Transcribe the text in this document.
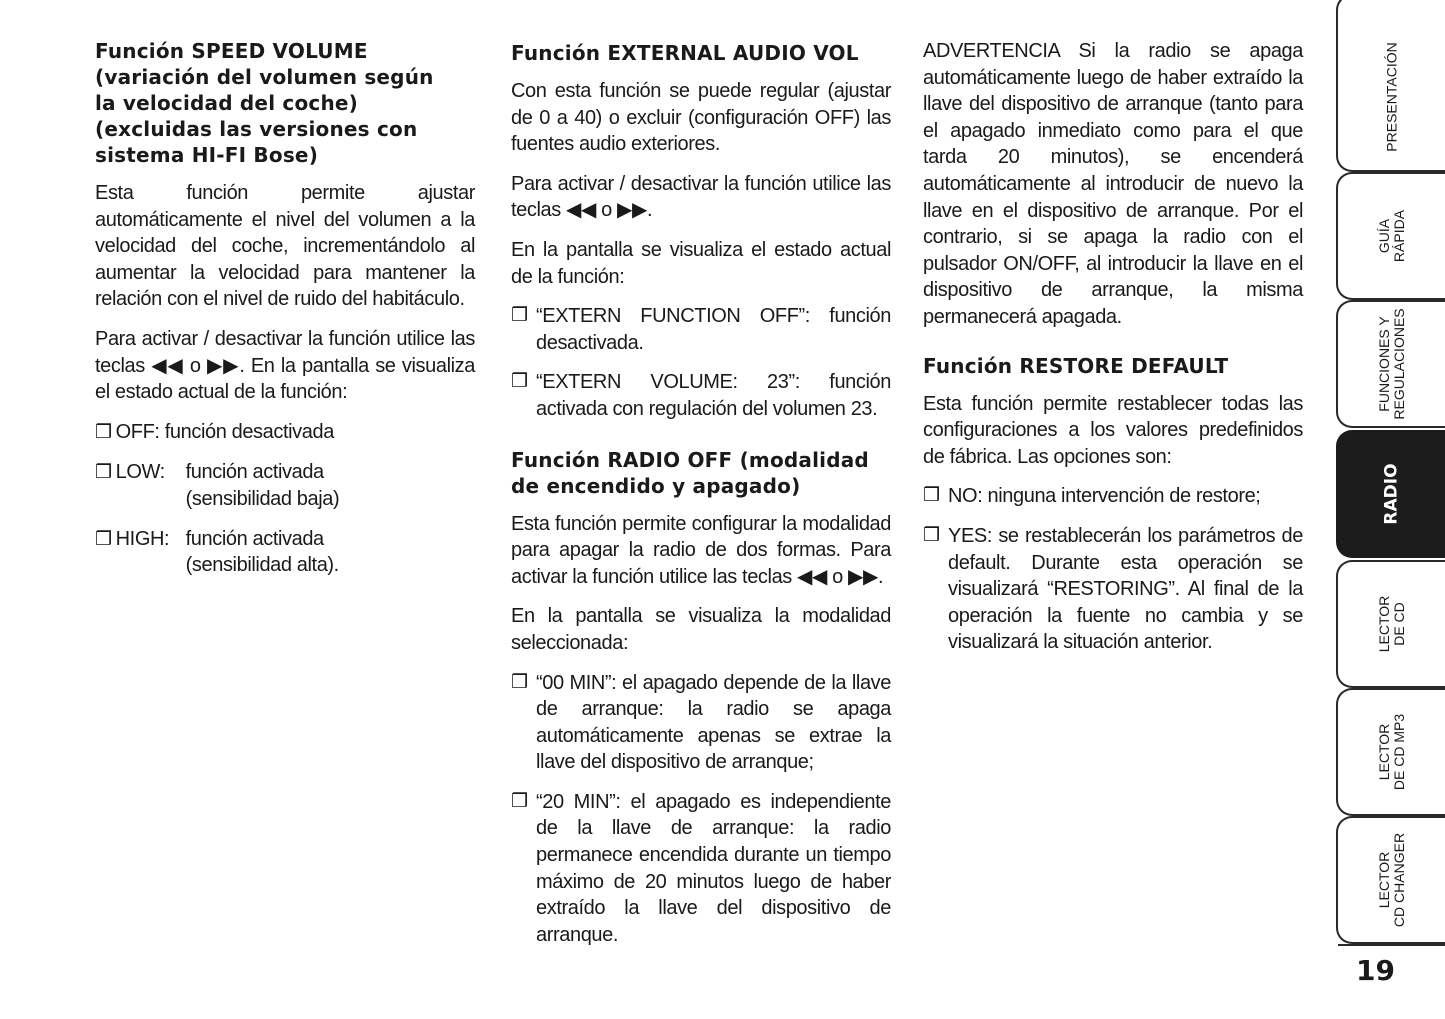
Función SPEED VOLUME
(variación del volumen según
la velocidad del coche)
(excluidas las versiones con
sistema HI-FI Bose)

Esta función permite ajustar automáticamente el nivel del volumen a la velocidad del coche, incrementándolo al aumentar la velocidad para mantener la relación con el nivel de ruido del habitáculo.

Para activar / desactivar la función utilice las teclas ◀◀ o ▶▶. En la pantalla se visualiza el estado actual de la función:

❒ OFF: función desactivada
❒ LOW: función activada
(sensibilidad baja)
❒ HIGH: función activada
(sensibilidad alta).
Función EXTERNAL AUDIO VOL

Con esta función se puede regular (ajustar de 0 a 40) o excluir (configuración OFF) las fuentes audio exteriores.

Para activar / desactivar la función utilice las teclas ◀◀ o ▶▶.

En la pantalla se visualiza el estado actual de la función:

❒ “EXTERN FUNCTION OFF”: función desactivada.
❒ “EXTERN VOLUME: 23”: función activada con regulación del volumen 23.
Función RADIO OFF (modalidad
de encendido y apagado)

Esta función permite configurar la modalidad para apagar la radio de dos formas. Para activar la función utilice las teclas ◀◀ o ▶▶.

En la pantalla se visualiza la modalidad seleccionada:

❒ “00 MIN”: el apagado depende de la llave de arranque: la radio se apaga automáticamente apenas se extrae la llave del dispositivo de arranque;
❒ “20 MIN”: el apagado es independiente de la llave de arranque: la radio permanece encendida durante un tiempo máximo de 20 minutos luego de haber extraído la llave del dispositivo de arranque.

ADVERTENCIA Si la radio se apaga automáticamente luego de haber extraído la llave del dispositivo de arranque (tanto para el apagado inmediato como para el que tarda 20 minutos), se encenderá automáticamente al introducir de nuevo la llave en el dispositivo de arranque. Por el contrario, si se apaga la radio con el pulsador ON/OFF, al introducir la llave en el dispositivo de arranque, la misma permanecerá apagada.

Función RESTORE DEFAULT

Esta función permite restablecer todas las configuraciones a los valores predefinidos de fábrica. Las opciones son:

❒ NO: ninguna intervención de restore;
❒ YES: se restablecerán los parámetros de default. Durante esta operación se visualizará “RESTORING”. Al final de la operación la fuente no cambia y se visualizará la situación anterior.
PRESENTACIÓN
GUÍA
RÁPIDA
FUNCIONES Y
REGULACIONES
RADIO
LECTOR
DE CD
LECTOR
DE CD MP3
LECTOR
CD CHANGER
19
